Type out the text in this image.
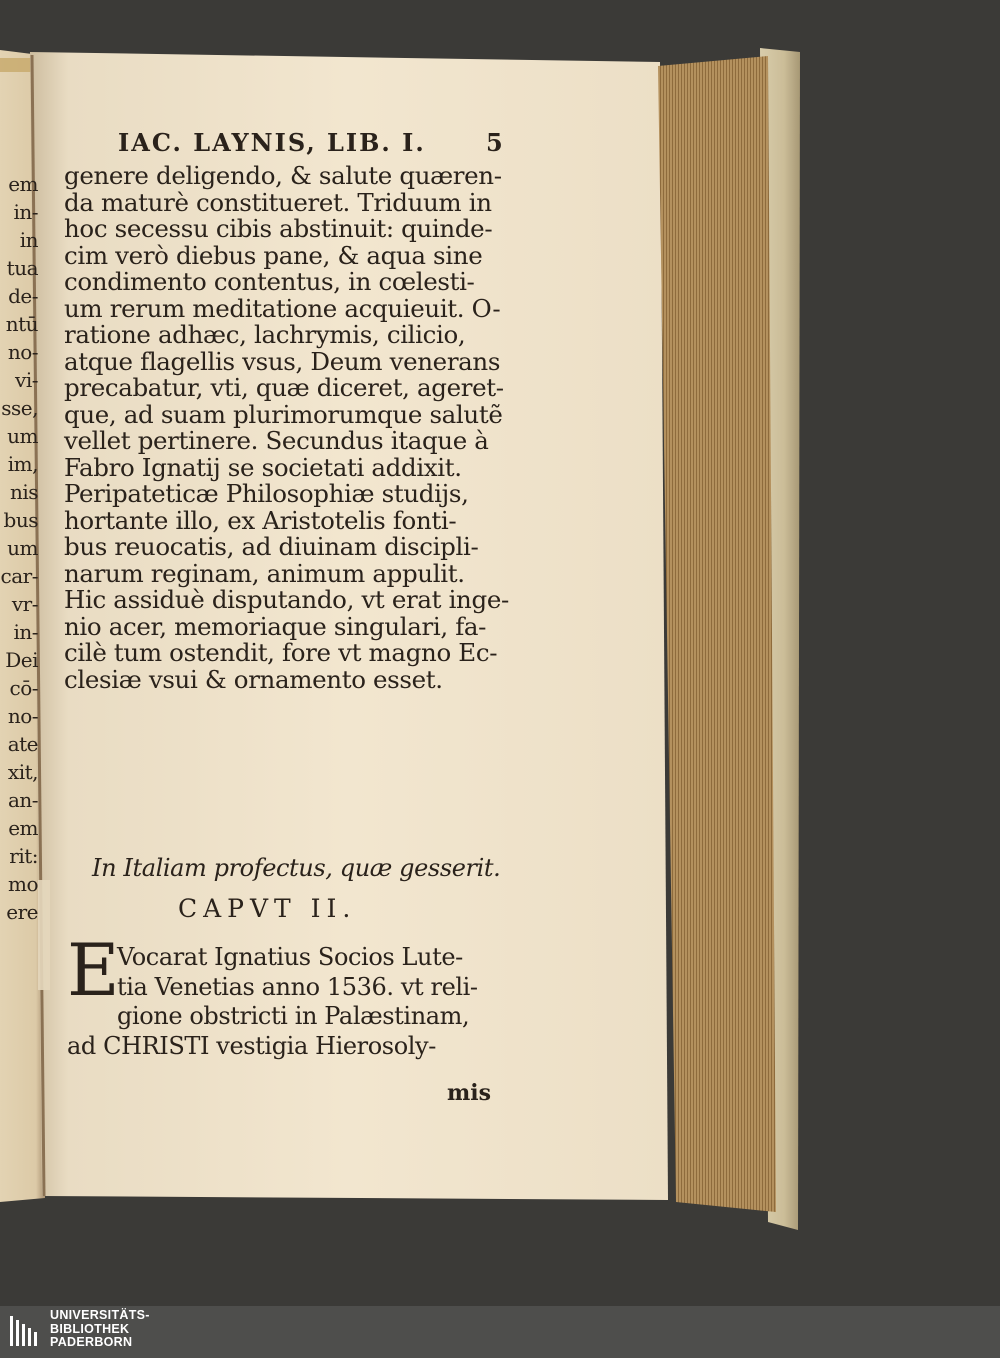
em
in-
in
tua
de-
ntū
no-
vi-
sse,
um
im,
nis
bus
um
car-
vr-
in-
Dei
cō-
no-
ate
xit,
an-
em
rit:
mo
ere
IAC. LAYNIS, LIB. I.	5
genere deligendo, & salute quæren-
da maturè constitueret. Triduum in
hoc secessu cibis abstinuit: quinde-
cim verò diebus pane, & aqua sine
condimento contentus, in cœlesti-
um rerum meditatione acquieuit. O-
ratione adhæc, lachrymis, cilicio,
atque flagellis vsus, Deum venerans
precabatur, vti, quæ diceret, ageret-
que, ad suam plurimorumque salutẽ
vellet pertinere. Secundus itaque à
Fabro Ignatij se societati addixit.
Peripateticæ Philosophiæ studijs,
hortante illo, ex Aristotelis fonti-
bus reuocatis, ad diuinam discipli-
narum reginam, animum appulit.
Hic assiduè disputando, vt erat inge-
nio acer, memoriaque singulari, fa-
cilè tum ostendit, fore vt magno Ec-
clesiæ vsui & ornamento esset.
In Italiam profectus, quæ gesserit.
CAPVT II.
E
Vocarat Ignatius Socios Lute-
tia Venetias anno 1536. vt reli-
gione obstricti in Palæstinam,
ad CHRISTI vestigia Hierosoly-
mis
UNIVERSITÄTS-
BIBLIOTHEK
PADERBORN
